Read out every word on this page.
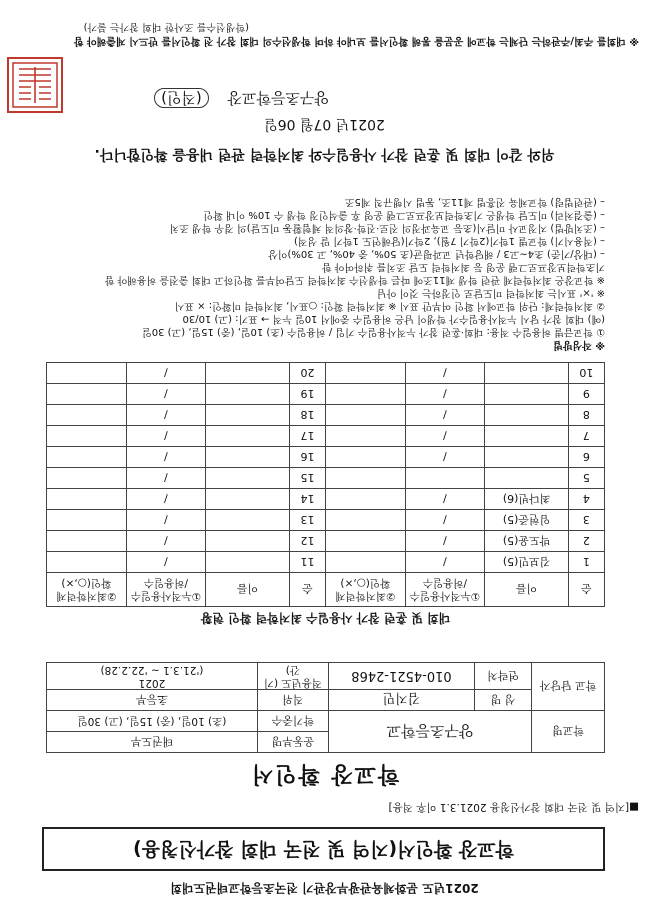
2021년도 문화체육관광부장관기 전국초등학교태권도대회
학교장 확인서(지역 및 전국 대회 참가신청용)
■[지역 및 전국 대회 참가신청용 2021.3.1 이후 적용]
학교장 확인서
학교명	양구초등학교		운동부명	태권도부
			학기중수	(초) 10일, (중) 15일, (고) 30일
학교 담당자	성 명	김지민	직위	초등부
	연락처	010-4521-2468	적용년도 (기간)	2021
('21.3.1 ~ '22.2.28)
대회 및 훈련 참가 사용일수 최저학력 확인 현황
순	이름	①누적사용일수 /허용일수	②최저학력제 확인(○,×)	순	이름	①누적사용일수 /허용일수	②최저학력제 확인(○,×)
1	김보민(5)	/		11		/	
2	박도윤(5)	/		12		/	
3	임현준(5)	/		13		/	
4	최다빈(6)	/		14		/	
5				15		/	
6		/		16		/	
7		/		17		/	
8		/		18		/	
9		/		19		/	
10		/		20		/	
※ 작성방법
① 학교급별 허용일수 적용: 대회·훈련 참가 누적사용일수 기입 / 허용일수 (초) 10일, (중) 15일, (고) 30일
(예) 대회 참가 당시 누적사용일수가 학생이 남은 허용일수 중에서 10일 누적 → 표기: (고) 10/30
② 최저학력제: 단위 학교에서 확인 여부만 표시 ※ 최저학력 확인: ○표시, 최저학력 미확인: × 표시
※ '×' 표시는 최저학력 미도달로 인정하는 것이 아님
※ 학교장은 최저학력제 관련 학생 제11조에 따른 학생선수 최저학력 도달여부를 확인하고 대회 출전을 허용해야 함
기초학력보장프로그램 운영 등 최저학력 도달 조치를 취하여야 함
– (대상/기준) 초4~고3 / 해당학년 교과평균(초 50%, 중 40%, 고 30%)이상
– (적용시기) 학교별 1학기(2학기 7월), 2학기(당해연도 1학기 말 성적)
– (조치방법) 지정교사 미달시(초등 교육과정의 진로·진학·창의적 체험활동 미도달)의 경우 학생 조치
– (출결처리) 미도달 학생은 기초학력보장프로그램 운영 후 출석인정 학생 수 10% 이내 확인
– (관련법령) 학교체육 진흥법 제11조, 동법 시행규칙 제5조
위와 같이 대회 및 훈련 참가 사용일수와 최저학력 관련 내용을 확인합니다.
2021년 07월 06일
양구초등학교장 (직인)
※ 대회를 주최/주관하는 단체는 학교에 공문을 통해 확인서를 보내야 하며 학생선수의 대회 참가 전 확인서를 반드시 제출해야 함
(학생선수를 조사한 대회 참가는 불가)
